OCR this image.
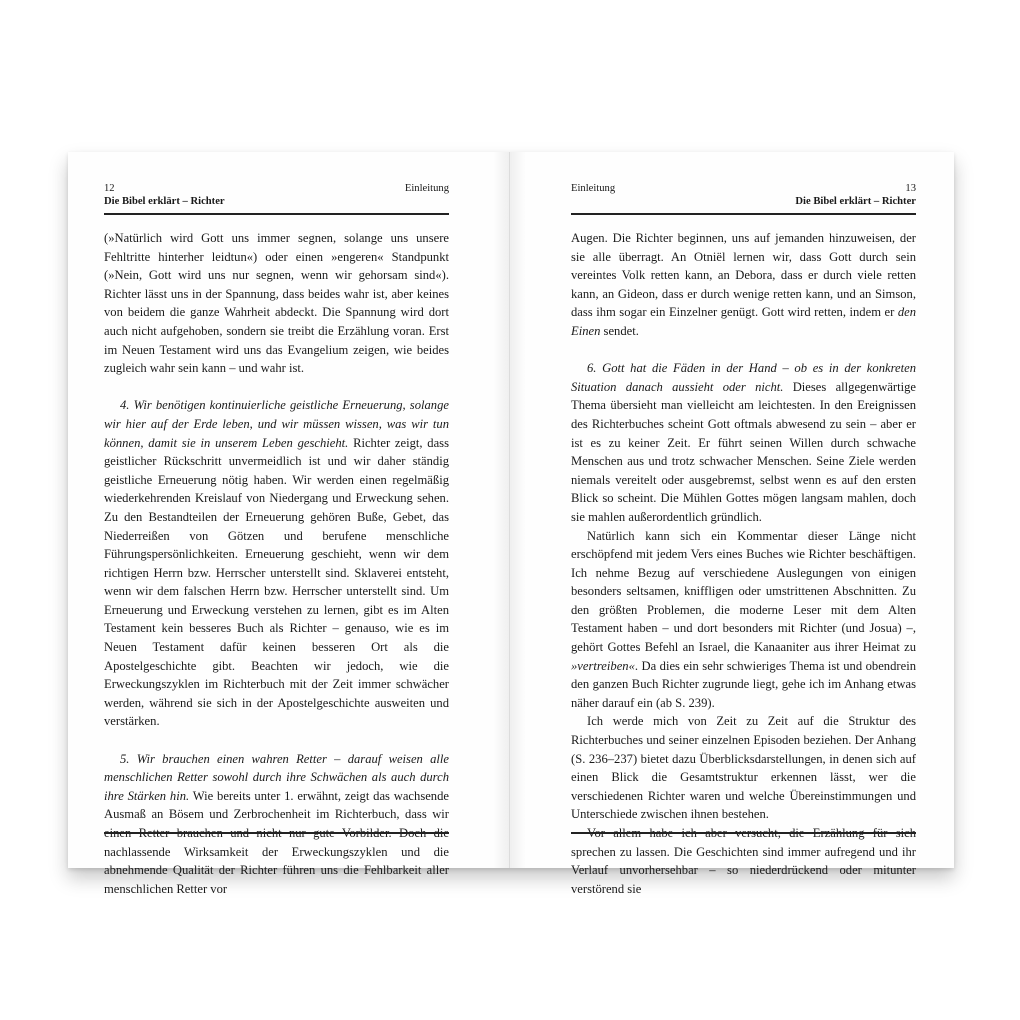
12	Einleitung
Die Bibel erklärt – Richter

(»Natürlich wird Gott uns immer segnen, solange uns unsere Fehltritte hinterher leidtun«) oder einen »engeren« Standpunkt (»Nein, Gott wird uns nur segnen, wenn wir gehorsam sind«). Richter lässt uns in der Spannung, dass beides wahr ist, aber keines von beidem die ganze Wahrheit abdeckt. Die Spannung wird dort auch nicht aufgehoben, sondern sie treibt die Erzählung voran. Erst im Neuen Testament wird uns das Evangelium zeigen, wie beides zugleich wahr sein kann – und wahr ist.

4. Wir benötigen kontinuierliche geistliche Erneuerung, solange wir hier auf der Erde leben, und wir müssen wissen, was wir tun können, damit sie in unserem Leben geschieht. Richter zeigt, dass geistlicher Rückschritt unvermeidlich ist und wir daher ständig geistliche Erneuerung nötig haben. Wir werden einen regelmäßig wiederkehrenden Kreislauf von Niedergang und Erweckung sehen. Zu den Bestandteilen der Erneuerung gehören Buße, Gebet, das Niederreißen von Götzen und berufene menschliche Führungspersönlichkeiten. Erneuerung geschieht, wenn wir dem richtigen Herrn bzw. Herrscher unterstellt sind. Sklaverei entsteht, wenn wir dem falschen Herrn bzw. Herrscher unterstellt sind. Um Erneuerung und Erweckung verstehen zu lernen, gibt es im Alten Testament kein besseres Buch als Richter – genauso, wie es im Neuen Testament dafür keinen besseren Ort als die Apostelgeschichte gibt. Beachten wir jedoch, wie die Erweckungszyklen im Richterbuch mit der Zeit immer schwächer werden, während sie sich in der Apostelgeschichte ausweiten und verstärken.

5. Wir brauchen einen wahren Retter – darauf weisen alle menschlichen Retter sowohl durch ihre Schwächen als auch durch ihre Stärken hin. Wie bereits unter 1. erwähnt, zeigt das wachsende Ausmaß an Bösem und Zerbrochenheit im Richterbuch, dass wir nachlassende Wirksamkeit der Erweckungszyklen und die abnehmende Qualität der Richter führen uns die Fehlbarkeit aller menschlichen Retter vor

Einleitung	13
Die Bibel erklärt – Richter

Augen. Die Richter beginnen, uns auf jemanden hinzuweisen, der sie alle überragt. An Otniël lernen wir, dass Gott durch sein vereintes Volk retten kann, an Debora, dass er durch viele retten kann, an Gideon, dass er durch wenige retten kann, und an Simson, dass ihm sogar ein Einzelner genügt. Gott wird retten, indem er den Einen sendet.

6. Gott hat die Fäden in der Hand – ob es in der konkreten Situation danach aussieht oder nicht. Dieses allgegenwärtige Thema übersieht man vielleicht am leichtesten. In den Ereignissen des Richterbuches scheint Gott oftmals abwesend zu sein – aber er ist es zu keiner Zeit. Er führt seinen Willen durch schwache Menschen aus und trotz schwacher Menschen. Seine Ziele werden niemals vereitelt oder ausgebremst, selbst wenn es auf den ersten Blick so scheint. Die Mühlen Gottes mögen langsam mahlen, doch sie mahlen außerordentlich gründlich.

Natürlich kann sich ein Kommentar dieser Länge nicht erschöpfend mit jedem Vers eines Buches wie Richter beschäftigen. Ich nehme Bezug auf verschiedene Auslegungen von einigen besonders seltsamen, kniffligen oder umstrittenen Abschnitten. Zu den größten Problemen, die moderne Leser mit dem Alten Testament haben – und dort besonders mit Richter (und Josua) –, gehört Gottes Befehl an Israel, die Kanaaniter aus ihrer Heimat zu »vertreiben«. Da dies ein sehr schwieriges Thema ist und obendrein den ganzen Buch Richter zugrunde liegt, gehe ich im Anhang etwas näher darauf ein (ab S. 239).

Ich werde mich von Zeit zu Zeit auf die Struktur des Richterbuches und seiner einzelnen Episoden beziehen. Der Anhang (S. 236–237) bietet dazu Überblicksdarstellungen, in denen sich auf einen Blick die Gesamtstruktur erkennen lässt, wer die verschiedenen Richter waren und welche Übereinstimmungen und Unterschiede zwischen ihnen bestehen.

sprechen zu lassen. Die Geschichten sind immer aufregend und ihr Verlauf unvorhersehbar – so niederdrückend oder mitunter verstörend sie
